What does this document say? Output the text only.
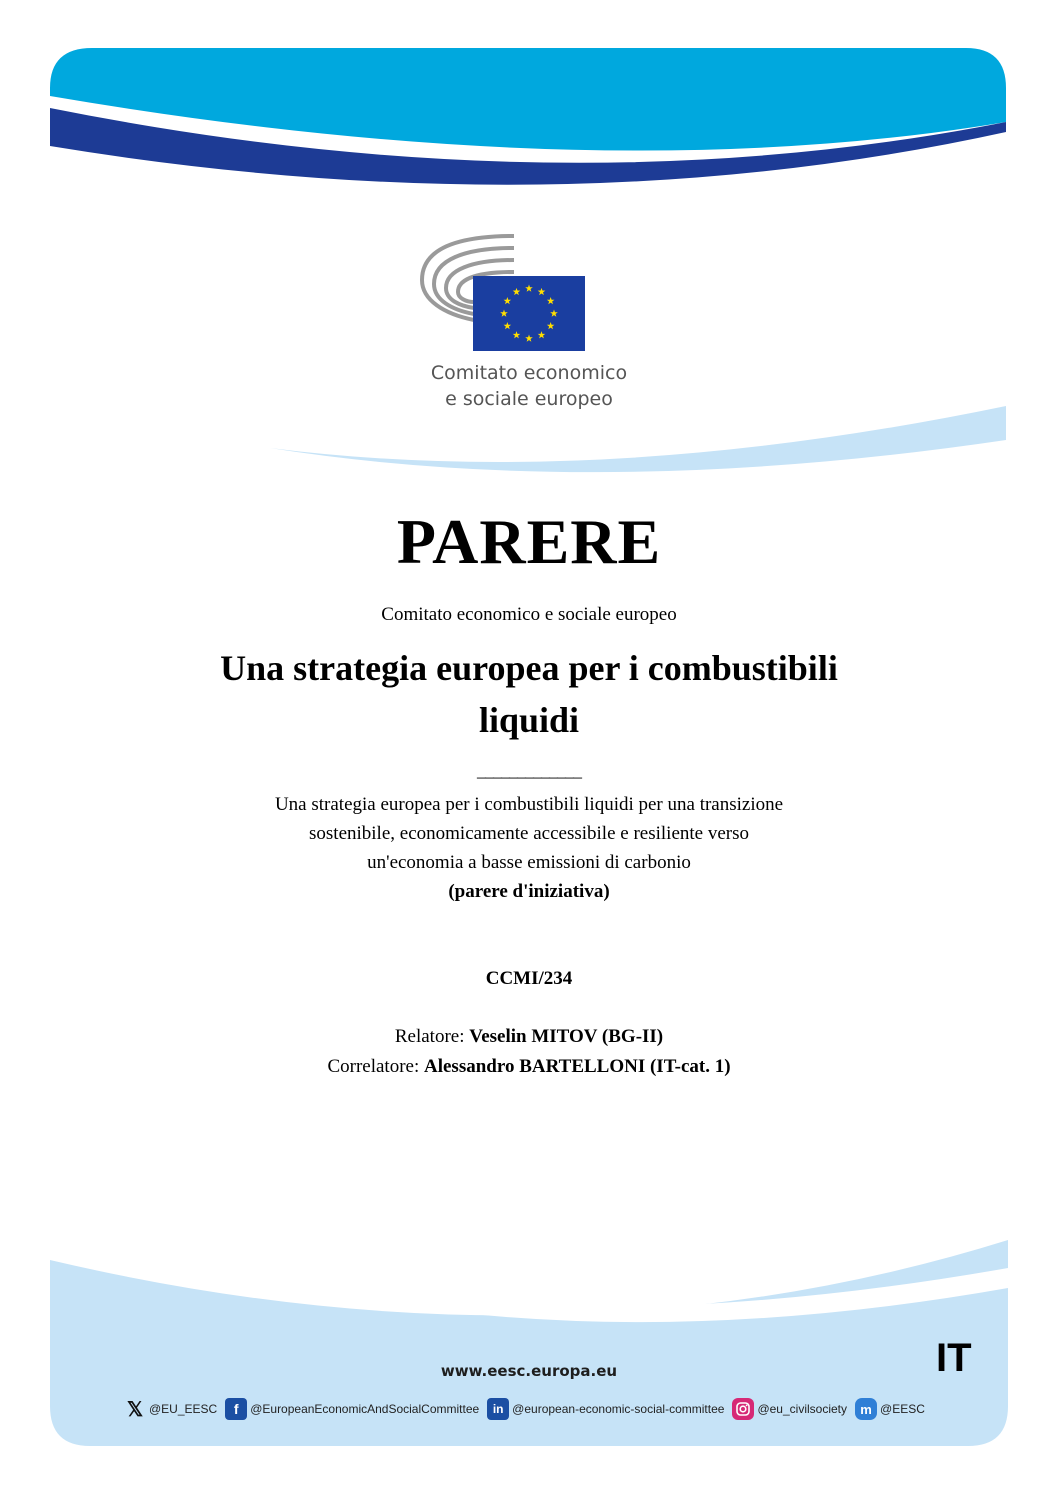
Comitato economico
e sociale europeo
PARERE
Comitato economico e sociale europeo
Una strategia europea per i combustibili
liquidi
_____________
Una strategia europea per i combustibili liquidi per una transizione
sostenibile, economicamente accessibile e resiliente verso
un'economia a basse emissioni di carbonio
(parere d'iniziativa)
CCMI/234
Relatore: Veselin MITOV (BG-II)
Correlatore: Alessandro BARTELLONI (IT-cat. 1)
IT
www.eesc.europa.eu
𝕏 @EU_EESC	f @EuropeanEconomicAndSocialCommittee	in @european-economic-social-committee	@eu_civilsociety	m @EESC
